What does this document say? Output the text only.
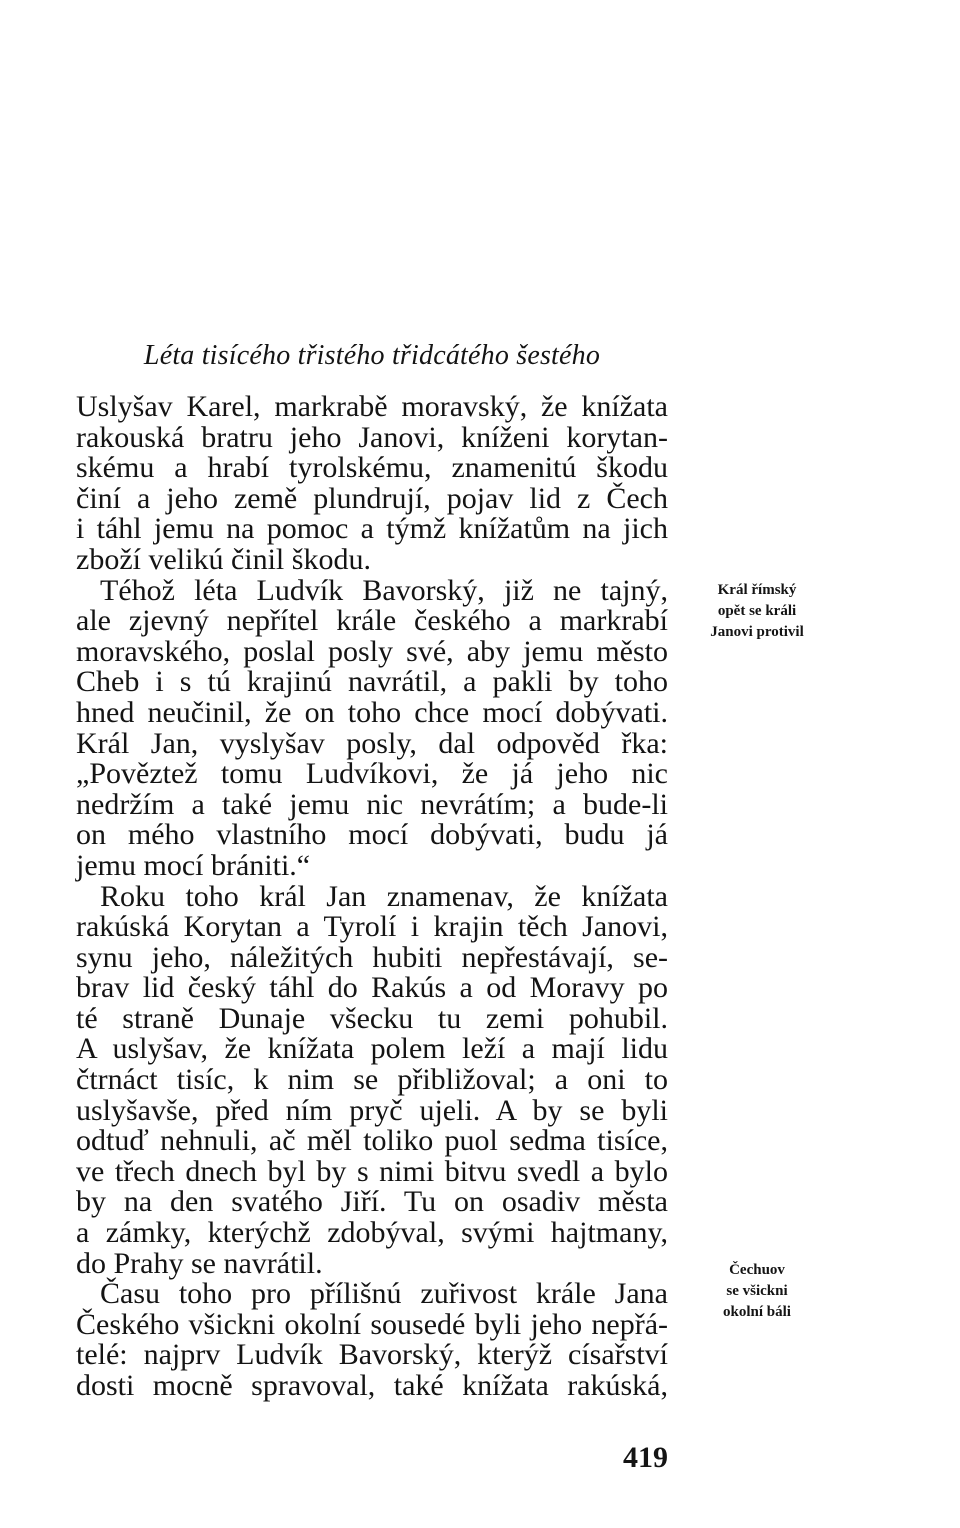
Léta tisícého třistého třidcátého šestého
Uslyšav Karel, markrabě moravský, že knížata
rakouská bratru jeho Janovi, kníženi korytan-
skému a hrabí tyrolskému, znamenitú škodu
činí a jeho země plundrují, pojav lid z Čech
i táhl jemu na pomoc a týmž knížatům na jich
zboží velikú činil škodu.
Téhož léta Ludvík Bavorský, již ne tajný,
ale zjevný nepřítel krále českého a markrabí
moravského, poslal posly své, aby jemu město
Cheb i s tú krajinú navrátil, a pakli by toho
hned neučinil, že on toho chce mocí dobývati.
Král Jan, vyslyšav posly, dal odpověd řka:
„Pověztež tomu Ludvíkovi, že já jeho nic
nedržím a také jemu nic nevrátím; a bude-li
on mého vlastního mocí dobývati, budu já
jemu mocí brániti.“
Roku toho král Jan znamenav, že knížata
rakúská Korytan a Tyrolí i krajin těch Janovi,
synu jeho, náležitých hubiti nepřestávají, se-
brav lid český táhl do Rakús a od Moravy po
té straně Dunaje všecku tu zemi pohubil.
A uslyšav, že knížata polem leží a mají lidu
čtrnáct tisíc, k nim se přibližoval; a oni to
uslyšavše, před ním pryč ujeli. A by se byli
odtuď nehnuli, ač měl toliko puol sedma tisíce,
ve třech dnech byl by s nimi bitvu svedl a bylo
by na den svatého Jiří. Tu on osadiv města
a zámky, kterýchž zdobýval, svými hajtmany,
do Prahy se navrátil.
Času toho pro přílišnú zuřivost krále Jana
Českého všickni okolní sousedé byli jeho nepřá-
telé: najprv Ludvík Bavorský, kterýž císařství
dosti mocně spravoval, také knížata rakúská,
Král římský
opět se králi
Janovi protivil
Čechuov
se všickni
okolní báli
419
